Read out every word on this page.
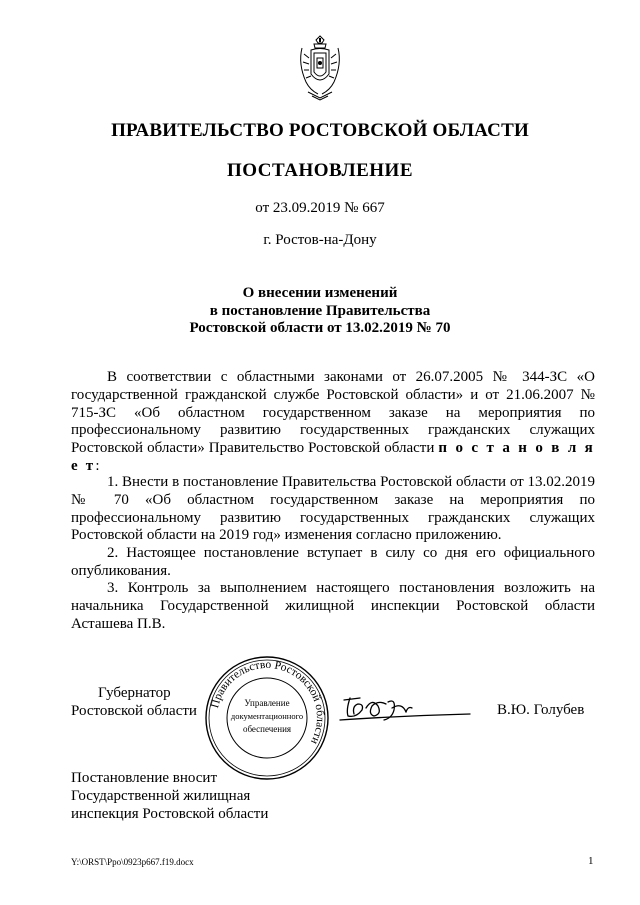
ПРАВИТЕЛЬСТВО РОСТОВСКОЙ ОБЛАСТИ
ПОСТАНОВЛЕНИЕ
от 23.09.2019 № 667
г. Ростов-на-Дону
О внесении изменений
в постановление Правительства
Ростовской области от 13.02.2019 № 70
В соответствии с областными законами от 26.07.2005 № 344-ЗС «О государственной гражданской службе Ростовской области» и от 21.06.2007 № 715-ЗС «Об областном государственном заказе на мероприятия по профессиональному развитию государственных гражданских служащих Ростовской области» Правительство Ростовской области п о с т а н о в л я е т:
1. Внести в постановление Правительства Ростовской области от 13.02.2019 № 70 «Об областном государственном заказе на мероприятия по профессиональному развитию государственных гражданских служащих Ростовской области на 2019 год» изменения согласно приложению.
2. Настоящее постановление вступает в силу со дня его официального опубликования.
3. Контроль за выполнением настоящего постановления возложить на начальника Государственной жилищной инспекции Ростовской области Асташева П.В.
Губернатор
Ростовской области Правительство Ростовской области
Управление
документационного
обеспечения
В.Ю. Голубев
Постановление вносит
Государственной жилищная
инспекция Ростовской области
Y:\ORST\Ppo\0923p667.f19.docx	1
